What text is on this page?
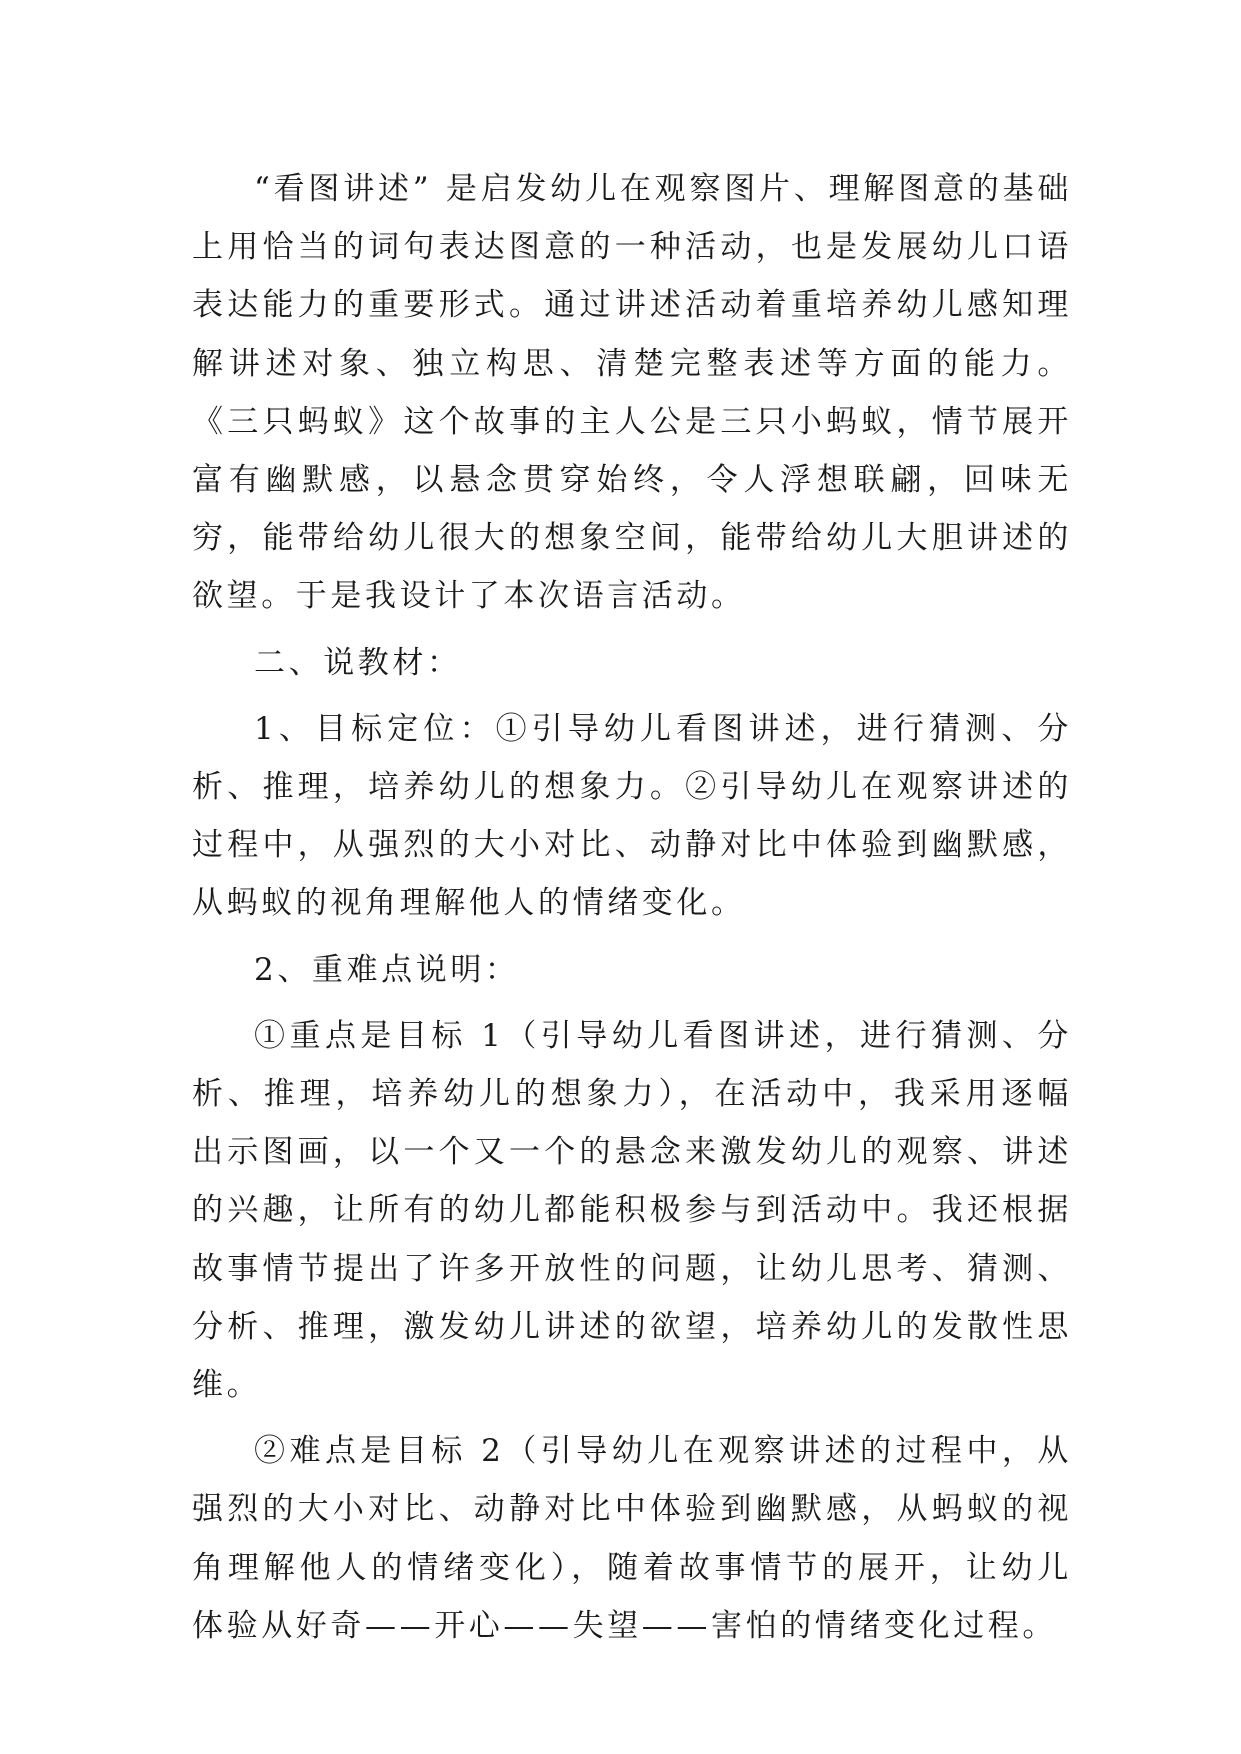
“看图讲述” 是启发幼儿在观察图片、理解图意的基础上用恰当的词句表达图意的一种活动，也是发展幼儿口语表达能力的重要形式。通过讲述活动着重培养幼儿感知理解讲述对象、独立构思、清楚完整表述等方面的能力。《三只蚂蚁》这个故事的主人公是三只小蚂蚁，情节展开富有幽默感，以悬念贯穿始终，令人浮想联翩，回味无穷，能带给幼儿很大的想象空间，能带给幼儿大胆讲述的欲望。于是我设计了本次语言活动。

二、说教材：

1、目标定位：①引导幼儿看图讲述，进行猜测、分析、推理，培养幼儿的想象力。②引导幼儿在观察讲述的过程中，从强烈的大小对比、动静对比中体验到幽默感，从蚂蚁的视角理解他人的情绪变化。

2、重难点说明：

①重点是目标 1（引导幼儿看图讲述，进行猜测、分析、推理，培养幼儿的想象力），在活动中，我采用逐幅出示图画，以一个又一个的悬念来激发幼儿的观察、讲述的兴趣，让所有的幼儿都能积极参与到活动中。我还根据故事情节提出了许多开放性的问题，让幼儿思考、猜测、分析、推理，激发幼儿讲述的欲望，培养幼儿的发散性思维。

②难点是目标 2（引导幼儿在观察讲述的过程中，从强烈的大小对比、动静对比中体验到幽默感，从蚂蚁的视角理解他人的情绪变化），随着故事情节的展开，让幼儿体验从好奇——开心——失望——害怕的情绪变化过程。
